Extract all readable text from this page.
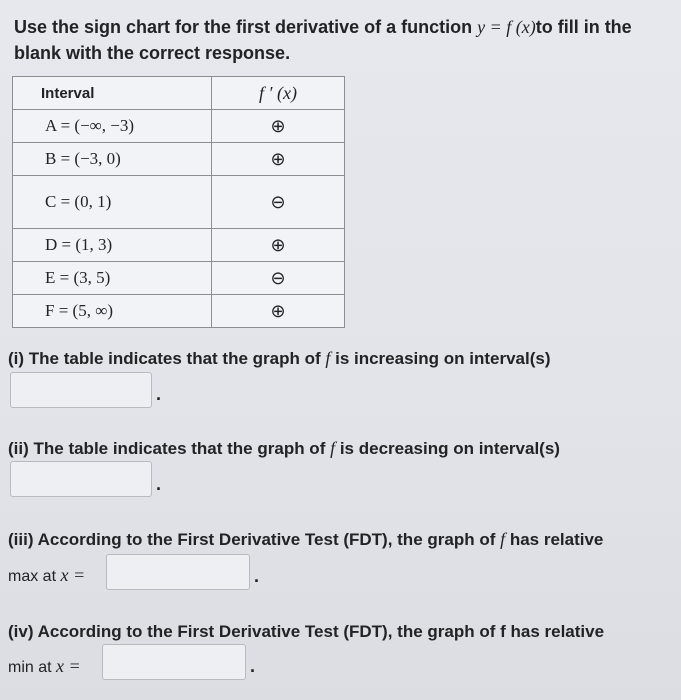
Use the sign chart for the first derivative of a function y = f (x)to fill in the blank with the correct response.
Interval	f ′ (x)
A = (−∞, −3)	⊕
B = (−3, 0)	⊕
C = (0, 1)	⊖
D = (1, 3)	⊕
E = (3, 5)	⊖
F = (5, ∞)	⊕
(i) The table indicates that the graph of f is increasing on interval(s)
.
(ii) The table indicates that the graph of f is decreasing on interval(s)
.
(iii) According to the First Derivative Test (FDT), the graph of f has relative
max at x =	.
(iv) According to the First Derivative Test (FDT), the graph of f has relative
min at x =	.
